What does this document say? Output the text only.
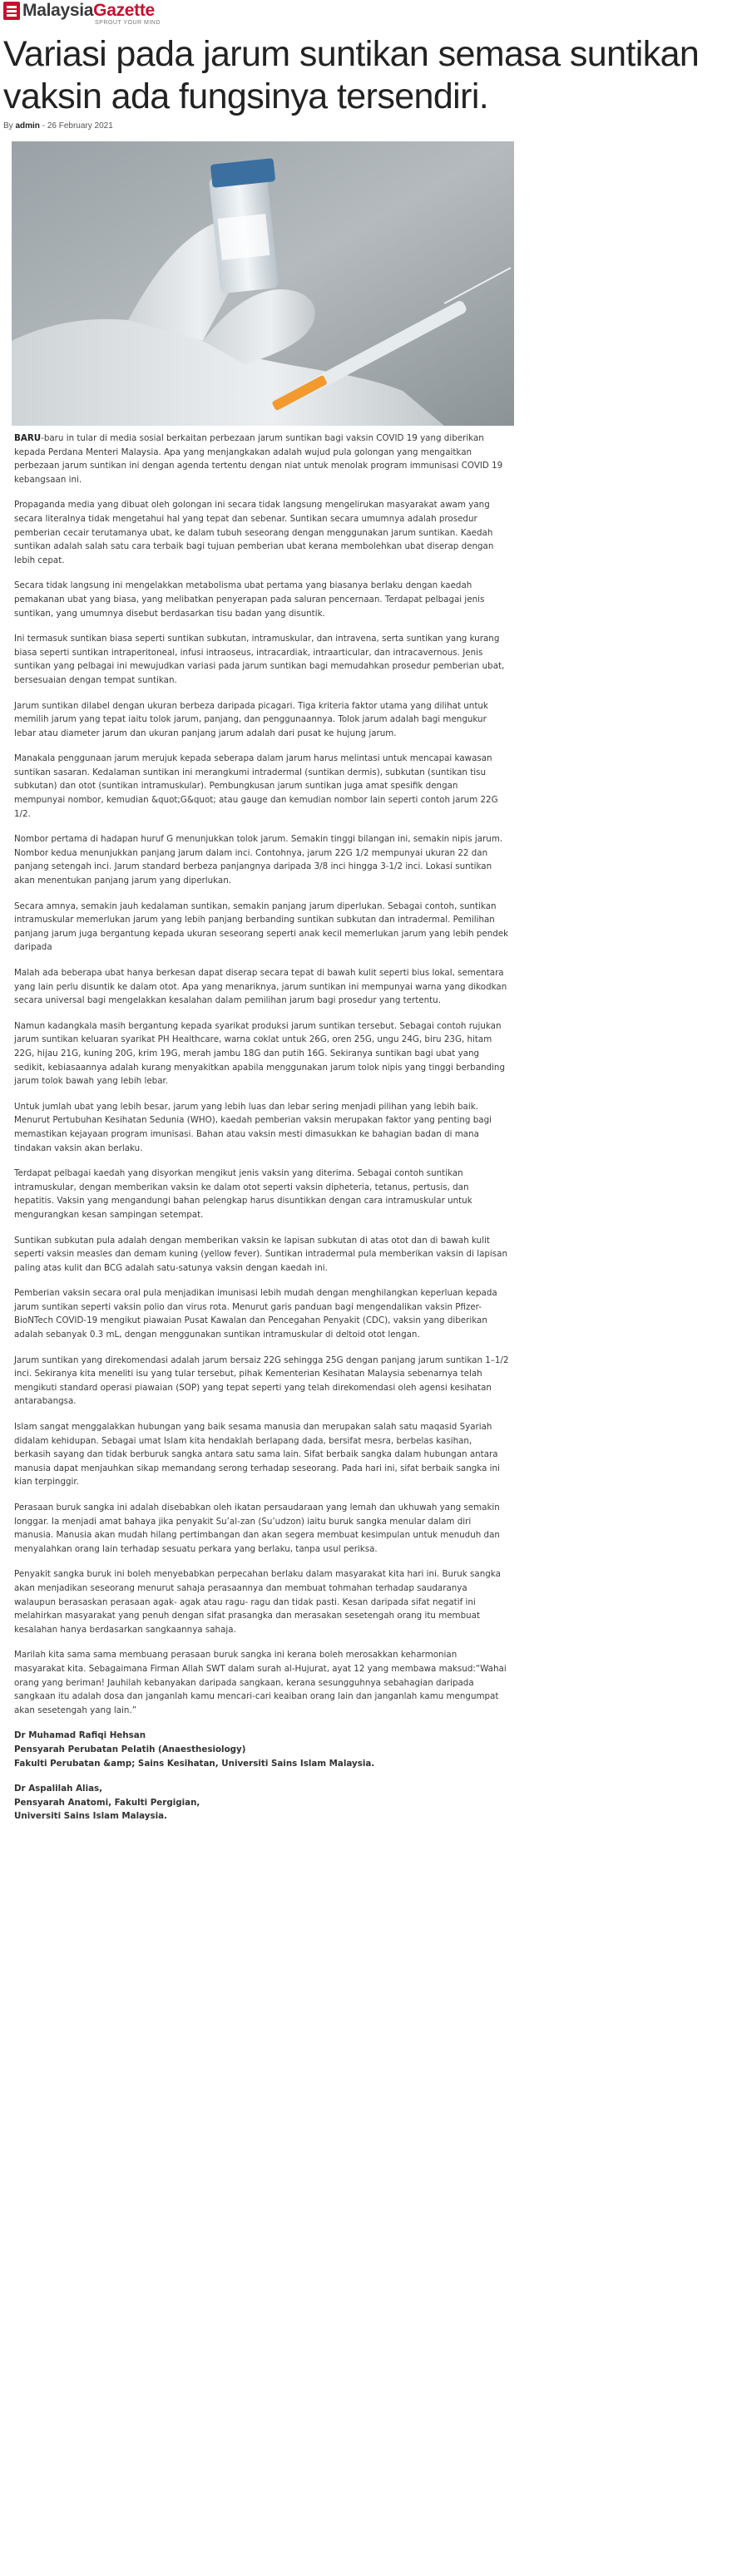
MalaysiaGazette
SPROUT YOUR MIND
Variasi pada jarum suntikan semasa suntikan vaksin ada fungsinya tersendiri.
By admin - 26 February 2021

BARU-baru in tular di media sosial berkaitan perbezaan jarum suntikan bagi vaksin COVID 19 yang diberikan kepada Perdana Menteri Malaysia. Apa yang menjangkakan adalah wujud pula golongan yang mengaitkan perbezaan jarum suntikan ini dengan agenda tertentu dengan niat untuk menolak program immunisasi COVID 19 kebangsaan ini.

Propaganda media yang dibuat oleh golongan ini secara tidak langsung mengelirukan masyarakat awam yang secara literalnya tidak mengetahui hal yang tepat dan sebenar. Suntikan secara umumnya adalah prosedur pemberian cecair terutamanya ubat, ke dalam tubuh seseorang dengan menggunakan jarum suntikan. Kaedah suntikan adalah salah satu cara terbaik bagi tujuan pemberian ubat kerana membolehkan ubat diserap dengan lebih cepat.

Secara tidak langsung ini mengelakkan metabolisma ubat pertama yang biasanya berlaku dengan kaedah pemakanan ubat yang biasa, yang melibatkan penyerapan pada saluran pencernaan. Terdapat pelbagai jenis suntikan, yang umumnya disebut berdasarkan tisu badan yang disuntik.

Ini termasuk suntikan biasa seperti suntikan subkutan, intramuskular, dan intravena, serta suntikan yang kurang biasa seperti suntikan intraperitoneal, infusi intraoseus, intracardiak, intraarticular, dan intracavernous. Jenis suntikan yang pelbagai ini mewujudkan variasi pada jarum suntikan bagi memudahkan prosedur pemberian ubat, bersesuaian dengan tempat suntikan.

Jarum suntikan dilabel dengan ukuran berbeza daripada picagari. Tiga kriteria faktor utama yang dilihat untuk memilih jarum yang tepat iaitu tolok jarum, panjang, dan penggunaannya. Tolok jarum adalah bagi mengukur lebar atau diameter jarum dan ukuran panjang jarum adalah dari pusat ke hujung jarum.

Manakala penggunaan jarum merujuk kepada seberapa dalam jarum harus melintasi untuk mencapai kawasan suntikan sasaran. Kedalaman suntikan ini merangkumi intradermal (suntikan dermis), subkutan (suntikan tisu subkutan) dan otot (suntikan intramuskular). Pembungkusan jarum suntikan juga amat spesifik dengan mempunyai nombor, kemudian &quot;G&quot; atau gauge dan kemudian nombor lain seperti contoh jarum 22G 1/2.

Nombor pertama di hadapan huruf G menunjukkan tolok jarum. Semakin tinggi bilangan ini, semakin nipis jarum. Nombor kedua menunjukkan panjang jarum dalam inci. Contohnya, jarum 22G 1/2 mempunyai ukuran 22 dan panjang setengah inci. Jarum standard berbeza panjangnya daripada 3/8 inci hingga 3-1/2 inci. Lokasi suntikan akan menentukan panjang jarum yang diperlukan.

Secara amnya, semakin jauh kedalaman suntikan, semakin panjang jarum diperlukan. Sebagai contoh, suntikan intramuskular memerlukan jarum yang lebih panjang berbanding suntikan subkutan dan intradermal. Pemilihan panjang jarum juga bergantung kepada ukuran seseorang seperti anak kecil memerlukan jarum yang lebih pendek daripada

Malah ada beberapa ubat hanya berkesan dapat diserap secara tepat di bawah kulit seperti bius lokal, sementara yang lain perlu disuntik ke dalam otot. Apa yang menariknya, jarum suntikan ini mempunyai warna yang dikodkan secara universal bagi mengelakkan kesalahan dalam pemilihan jarum bagi prosedur yang tertentu.

Namun kadangkala masih bergantung kepada syarikat produksi jarum suntikan tersebut. Sebagai contoh rujukan jarum suntikan keluaran syarikat PH Healthcare, warna coklat untuk 26G, oren 25G, ungu 24G, biru 23G, hitam 22G, hijau 21G, kuning 20G, krim 19G, merah jambu 18G dan putih 16G. Sekiranya suntikan bagi ubat yang sedikit, kebiasaannya adalah kurang menyakitkan apabila menggunakan jarum tolok nipis yang tinggi berbanding jarum tolok bawah yang lebih lebar.

Untuk jumlah ubat yang lebih besar, jarum yang lebih luas dan lebar sering menjadi pilihan yang lebih baik. Menurut Pertubuhan Kesihatan Sedunia (WHO), kaedah pemberian vaksin merupakan faktor yang penting bagi memastikan kejayaan program imunisasi. Bahan atau vaksin mesti dimasukkan ke bahagian badan di mana tindakan vaksin akan berlaku.

Terdapat pelbagai kaedah yang disyorkan mengikut jenis vaksin yang diterima. Sebagai contoh suntikan intramuskular, dengan memberikan vaksin ke dalam otot seperti vaksin dipheteria, tetanus, pertusis, dan hepatitis. Vaksin yang mengandungi bahan pelengkap harus disuntikkan dengan cara intramuskular untuk mengurangkan kesan sampingan setempat.

Suntikan subkutan pula adalah dengan memberikan vaksin ke lapisan subkutan di atas otot dan di bawah kulit seperti vaksin measles dan demam kuning (yellow fever). Suntikan intradermal pula memberikan vaksin di lapisan paling atas kulit dan BCG adalah satu-satunya vaksin dengan kaedah ini.

Pemberian vaksin secara oral pula menjadikan imunisasi lebih mudah dengan menghilangkan keperluan kepada jarum suntikan seperti vaksin polio dan virus rota. Menurut garis panduan bagi mengendalikan vaksin Pfizer-BioNTech COVID-19 mengikut piawaian Pusat Kawalan dan Pencegahan Penyakit (CDC), vaksin yang diberikan adalah sebanyak 0.3 mL, dengan menggunakan suntikan intramuskular di deltoid otot lengan.

Jarum suntikan yang direkomendasi adalah jarum bersaiz 22G sehingga 25G dengan panjang jarum suntikan 1–1/2 inci. Sekiranya kita meneliti isu yang tular tersebut, pihak Kementerian Kesihatan Malaysia sebenarnya telah mengikuti standard operasi piawaian (SOP) yang tepat seperti yang telah direkomendasi oleh agensi kesihatan antarabangsa.

Islam sangat menggalakkan hubungan yang baik sesama manusia dan merupakan salah satu maqasid Syariah didalam kehidupan. Sebagai umat Islam kita hendaklah berlapang dada, bersifat mesra, berbelas kasihan, berkasih sayang dan tidak berburuk sangka antara satu sama lain. Sifat berbaik sangka dalam hubungan antara manusia dapat menjauhkan sikap memandang serong terhadap seseorang. Pada hari ini, sifat berbaik sangka ini kian terpinggir.

Perasaan buruk sangka ini adalah disebabkan oleh ikatan persaudaraan yang lemah dan ukhuwah yang semakin longgar. Ia menjadi amat bahaya jika penyakit Su’al-zan (Su’udzon) iaitu buruk sangka menular dalam diri manusia. Manusia akan mudah hilang pertimbangan dan akan segera membuat kesimpulan untuk menuduh dan menyalahkan orang lain terhadap sesuatu perkara yang berlaku, tanpa usul periksa.

Penyakit sangka buruk ini boleh menyebabkan perpecahan berlaku dalam masyarakat kita hari ini. Buruk sangka akan menjadikan seseorang menurut sahaja perasaannya dan membuat tohmahan terhadap saudaranya walaupun berasaskan perasaan agak- agak atau ragu- ragu dan tidak pasti. Kesan daripada sifat negatif ini melahirkan masyarakat yang penuh dengan sifat prasangka dan merasakan sesetengah orang itu membuat kesalahan hanya berdasarkan sangkaannya sahaja.

Marilah kita sama sama membuang perasaan buruk sangka ini kerana boleh merosakkan keharmonian masyarakat kita. Sebagaimana Firman Allah SWT dalam surah al-Hujurat, ayat 12 yang membawa maksud:“Wahai orang yang beriman! Jauhilah kebanyakan daripada sangkaan, kerana sesungguhnya sebahagian daripada sangkaan itu adalah dosa dan janganlah kamu mencari-cari keaiban orang lain dan janganlah kamu mengumpat akan sesetengah yang lain.”

Dr Muhamad Rafiqi Hehsan
Pensyarah Perubatan Pelatih (Anaesthesiology)
Fakulti Perubatan &amp; Sains Kesihatan, Universiti Sains Islam Malaysia.
Dr Aspalilah Alias,
Pensyarah Anatomi, Fakulti Pergigian,
Universiti Sains Islam Malaysia.
